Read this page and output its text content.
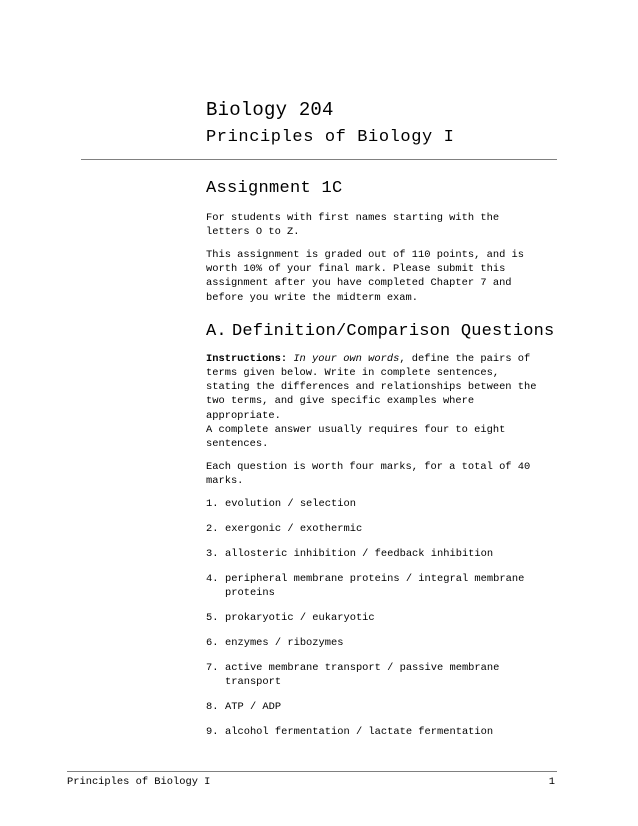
Biology 204
Principles of Biology I
Assignment 1C

For students with first names starting with the
letters O to Z.

This assignment is graded out of 110 points, and is
worth 10% of your final mark. Please submit this
assignment after you have completed Chapter 7 and
before you write the midterm exam.

A. Definition/Comparison Questions

Instructions: In your own words, define the pairs of
terms given below. Write in complete sentences,
stating the differences and relationships between the
two terms, and give specific examples where
appropriate.
A complete answer usually requires four to eight
sentences.

Each question is worth four marks, for a total of 40
marks.

1. evolution / selection
2. exergonic / exothermic
3. allosteric inhibition / feedback inhibition
4. peripheral membrane proteins / integral membrane
proteins
5. prokaryotic / eukaryotic
6. enzymes / ribozymes
7. active membrane transport / passive membrane
transport
8. ATP / ADP
9. alcohol fermentation / lactate fermentation
Principles of Biology I	1
